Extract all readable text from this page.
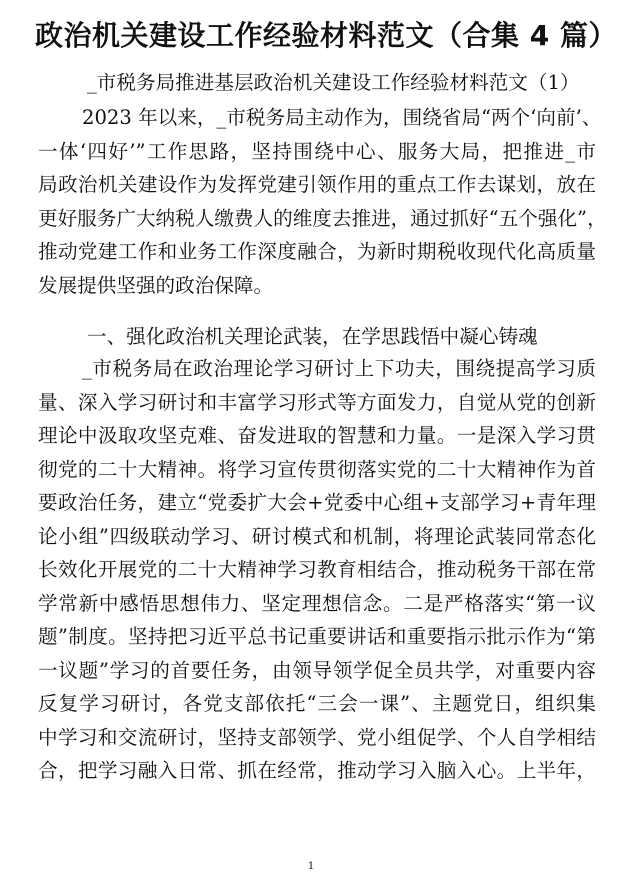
政治机关建设工作经验材料范文（合集 4 篇）
_市税务局推进基层政治机关建设工作经验材料范文（1）
2023 年以来，_市税务局主动作为，围绕省局“两个‘向前’、
一体‘四好’”工作思路，坚持围绕中心、服务大局，把推进_市
局政治机关建设作为发挥党建引领作用的重点工作去谋划，放在
更好服务广大纳税人缴费人的维度去推进，通过抓好“五个强化”，
推动党建工作和业务工作深度融合，为新时期税收现代化高质量
发展提供坚强的政治保障。
一、强化政治机关理论武装，在学思践悟中凝心铸魂
_市税务局在政治理论学习研讨上下功夫，围绕提高学习质
量、深入学习研讨和丰富学习形式等方面发力，自觉从党的创新
理论中汲取攻坚克难、奋发进取的智慧和力量。一是深入学习贯
彻党的二十大精神。将学习宣传贯彻落实党的二十大精神作为首
要政治任务，建立“党委扩大会+党委中心组+支部学习+青年理
论小组”四级联动学习、研讨模式和机制，将理论武装同常态化
长效化开展党的二十大精神学习教育相结合，推动税务干部在常
学常新中感悟思想伟力、坚定理想信念。二是严格落实“第一议
题”制度。坚持把习近平总书记重要讲话和重要指示批示作为“第
一议题”学习的首要任务，由领导领学促全员共学，对重要内容
反复学习研讨，各党支部依托“三会一课”、主题党日，组织集
中学习和交流研讨，坚持支部领学、党小组促学、个人自学相结
合，把学习融入日常、抓在经常，推动学习入脑入心。上半年，
1
